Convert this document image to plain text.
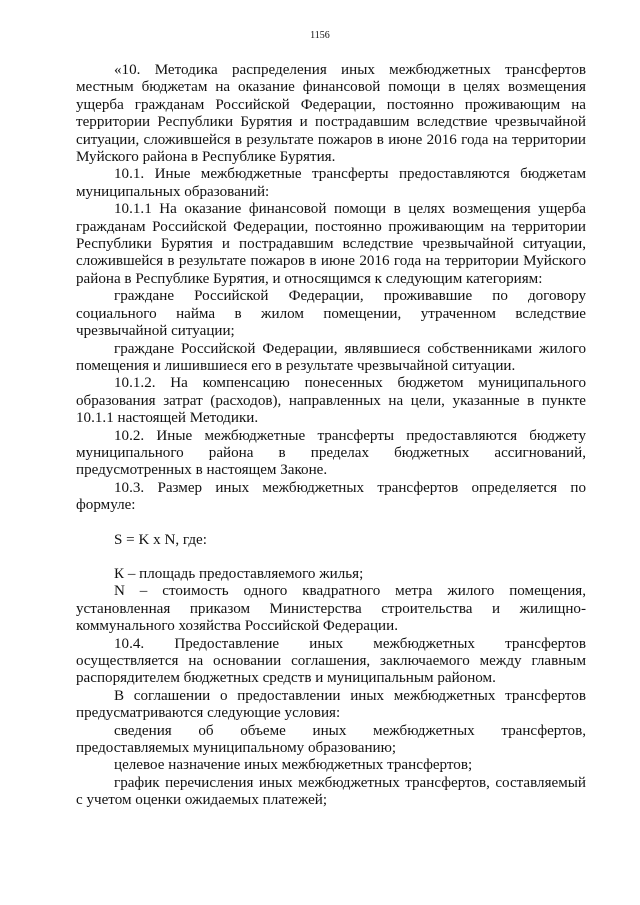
1156

«10. Методика распределения иных межбюджетных трансфертов местным бюджетам на оказание финансовой помощи в целях возмещения ущерба гражданам Российской Федерации, постоянно проживающим на территории Республики Бурятия и пострадавшим вследствие чрезвычайной ситуации, сложившейся в результате пожаров в июне 2016 года на территории Муйского района в Республике Бурятия.

10.1. Иные межбюджетные трансферты предоставляются бюджетам муниципальных образований:

10.1.1 На оказание финансовой помощи в целях возмещения ущерба гражданам Российской Федерации, постоянно проживающим на территории Республики Бурятия и пострадавшим вследствие чрезвычайной ситуации, сложившейся в результате пожаров в июне 2016 года на территории Муйского района в Республике Бурятия, и относящимся к следующим категориям:

граждане Российской Федерации, проживавшие по договору социального найма в жилом помещении, утраченном вследствие чрезвычайной ситуации;

граждане Российской Федерации, являвшиеся собственниками жилого помещения и лишившиеся его в результате чрезвычайной ситуации.

10.1.2. На компенсацию понесенных бюджетом муниципального образования затрат (расходов), направленных на цели, указанные в пункте 10.1.1 настоящей Методики.

10.2. Иные межбюджетные трансферты предоставляются бюджету муниципального района в пределах бюджетных ассигнований, предусмотренных в настоящем Законе.

10.3. Размер иных межбюджетных трансфертов определяется по формуле:

S = K x N, где:

К – площадь предоставляемого жилья;

N – стоимость одного квадратного метра жилого помещения, установленная приказом Министерства строительства и жилищно-коммунального хозяйства Российской Федерации.

10.4. Предоставление иных межбюджетных трансфертов осуществляется на основании соглашения, заключаемого между главным распорядителем бюджетных средств и муниципальным районом.

В соглашении о предоставлении иных межбюджетных трансфертов предусматриваются следующие условия:

сведения об объеме иных межбюджетных трансфертов, предоставляемых муниципальному образованию;

целевое назначение иных межбюджетных трансфертов;

график перечисления иных межбюджетных трансфертов, составляемый с учетом оценки ожидаемых платежей;
